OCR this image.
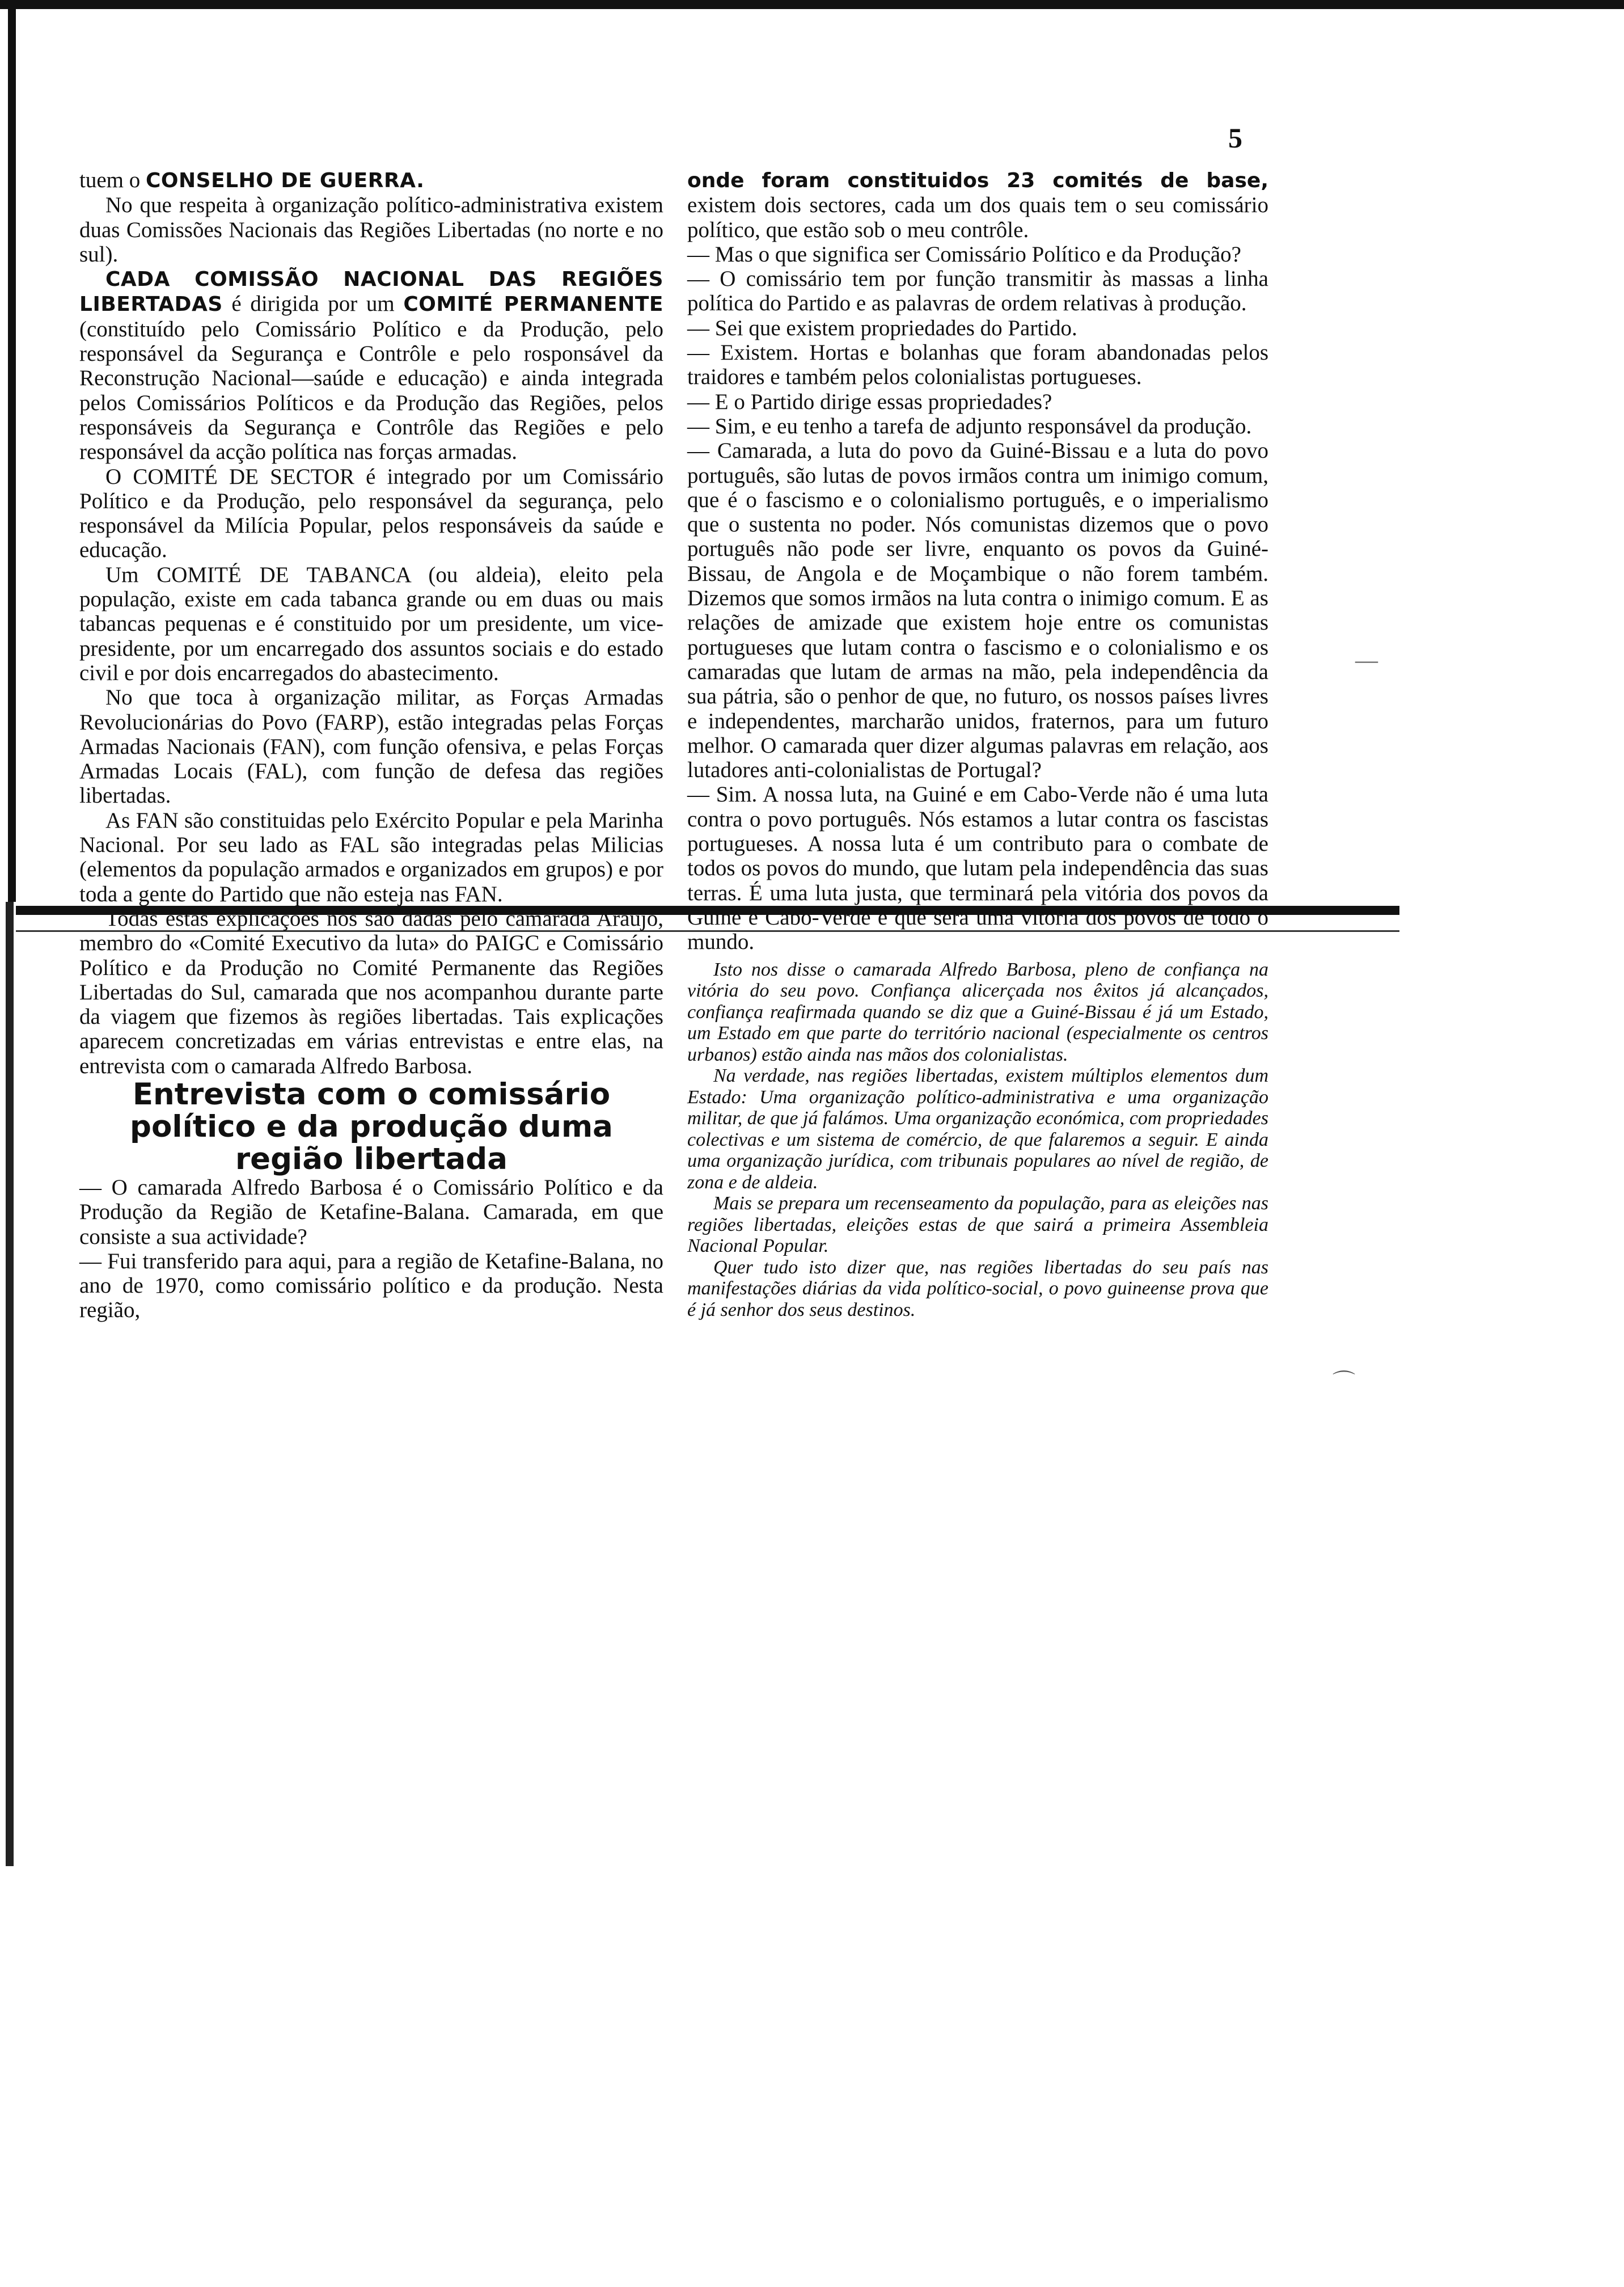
5
—
⌒

tuem o CONSELHO DE GUERRA.

No que respeita à organização político-administrativa existem duas Comissões Nacionais das Regiões Libertadas (no norte e no sul).

CADA COMISSÃO NACIONAL DAS REGIÕES LIBERTADAS é dirigida por um COMITÉ PERMANENTE (constituído pelo Comissário Político e da Produção, pelo responsável da Segurança e Contrôle e pelo rosponsável da Reconstrução Nacional—saúde e educação) e ainda integrada pelos Comissários Políticos e da Produção das Regiões, pelos responsáveis da Segurança e Contrôle das Regiões e pelo responsável da acção política nas forças armadas.

O COMITÉ DE SECTOR é integrado por um Comissário Político e da Produção, pelo responsável da segurança, pelo responsável da Milícia Popular, pelos responsáveis da saúde e educação.

Um COMITÉ DE TABANCA (ou aldeia), eleito pela população, existe em cada tabanca grande ou em duas ou mais tabancas pequenas e é constituido por um presidente, um vice-presidente, por um encarregado dos assuntos sociais e do estado civil e por dois encarregados do abastecimento.

No que toca à organização militar, as Forças Armadas Revolucionárias do Povo (FARP), estão integradas pelas Forças Armadas Nacionais (FAN), com função ofensiva, e pelas Forças Armadas Locais (FAL), com função de defesa das regiões libertadas.

As FAN são constituidas pelo Exército Popular e pela Marinha Nacional. Por seu lado as FAL são integradas pelas Milicias (elementos da população armados e organizados em grupos) e por toda a gente do Partido que não esteja nas FAN.

Todas estas explicações nos são dadas pelo camarada Araújo, membro do «Comité Executivo da luta» do PAIGC e Comissário Político e da Produção no Comité Permanente das Regiões Libertadas do Sul, camarada que nos acompanhou durante parte da viagem que fizemos às regiões libertadas. Tais explicações aparecem concretizadas em várias entrevistas e entre elas, na entrevista com o camarada Alfredo Barbosa.

Entrevista com o comissário político e da produção duma região libertada

— O camarada Alfredo Barbosa é o Comissário Político e da Produção da Região de Ketafine-Balana. Camarada, em que consiste a sua actividade?

— Fui transferido para aqui, para a região de Ketafine-Balana, no ano de 1970, como comissário político e da produção. Nesta região,

onde foram constituidos 23 comités de base, existem dois sectores, cada um dos quais tem o seu comissário político, que estão sob o meu contrôle.

— Mas o que significa ser Comissário Político e da Produção?

— O comissário tem por função transmitir às massas a linha política do Partido e as palavras de ordem relativas à produção.

— Sei que existem propriedades do Partido.

— Existem. Hortas e bolanhas que foram abandonadas pelos traidores e também pelos colonialistas portugueses.

— E o Partido dirige essas propriedades?

— Sim, e eu tenho a tarefa de adjunto responsável da produção.

— Camarada, a luta do povo da Guiné-Bissau e a luta do povo português, são lutas de povos irmãos contra um inimigo comum, que é o fascismo e o colonialismo português, e o imperialismo que o sustenta no poder. Nós comunistas dizemos que o povo português não pode ser livre, enquanto os povos da Guiné-Bissau, de Angola e de Moçambique o não forem também. Dizemos que somos irmãos na luta contra o inimigo comum. E as relações de amizade que existem hoje entre os comunistas portugueses que lutam contra o fascismo e o colonialismo e os camaradas que lutam de armas na mão, pela independência da sua pátria, são o penhor de que, no futuro, os nossos países livres e independentes, marcharão unidos, fraternos, para um futuro melhor. O camarada quer dizer algumas palavras em relação, aos lutadores anti-colonialistas de Portugal?

— Sim. A nossa luta, na Guiné e em Cabo-Verde não é uma luta contra o povo português. Nós estamos a lutar contra os fascistas portugueses. A nossa luta é um contributo para o combate de todos os povos do mundo, que lutam pela independência das suas terras. É uma luta justa, que terminará pela vitória dos povos da Guiné e Cabo-Verde e que será uma vitória dos povos de todo o mundo.

Isto nos disse o camarada Alfredo Barbosa, pleno de confiança na vitória do seu povo. Confiança alicerçada nos êxitos já alcançados, confiança reafirmada quando se diz que a Guiné-Bissau é já um Estado, um Estado em que parte do território nacional (especialmente os centros urbanos) estão ainda nas mãos dos colonialistas.

Na verdade, nas regiões libertadas, existem múltiplos elementos dum Estado: Uma organização político-administrativa e uma organização militar, de que já falámos. Uma organização económica, com propriedades colectivas e um sistema de comércio, de que falaremos a seguir. E ainda uma organização jurídica, com tribunais populares ao nível de região, de zona e de aldeia.

Mais se prepara um recenseamento da população, para as eleições nas regiões libertadas, eleições estas de que sairá a primeira Assembleia Nacional Popular.

Quer tudo isto dizer que, nas regiões libertadas do seu país nas manifestações diárias da vida político-social, o povo guineense prova que é já senhor dos seus destinos.
